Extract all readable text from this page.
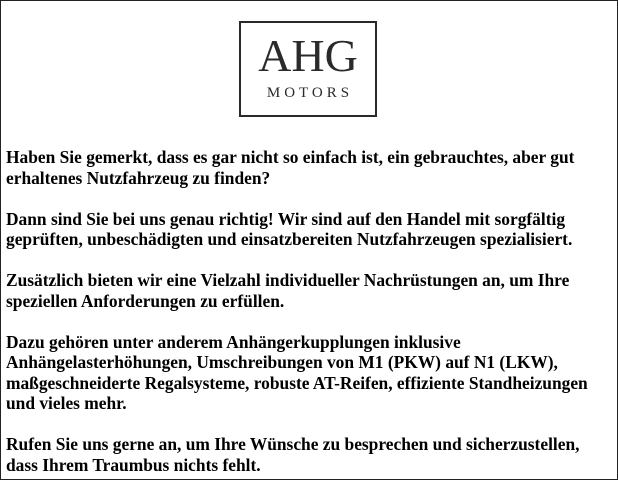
AHG
MOTORS

Haben Sie gemerkt, dass es gar nicht so einfach ist, ein gebrauchtes, aber gut
erhaltenes Nutzfahrzeug zu finden?

Dann sind Sie bei uns genau richtig! Wir sind auf den Handel mit sorgfältig
geprüften, unbeschädigten und einsatzbereiten Nutzfahrzeugen spezialisiert.

Zusätzlich bieten wir eine Vielzahl individueller Nachrüstungen an, um Ihre
speziellen Anforderungen zu erfüllen.

Dazu gehören unter anderem Anhängerkupplungen inklusive
Anhängelasterhöhungen, Umschreibungen von M1 (PKW) auf N1 (LKW),
maßgeschneiderte Regalsysteme, robuste AT-Reifen, effiziente Standheizungen
und vieles mehr.

Rufen Sie uns gerne an, um Ihre Wünsche zu besprechen und sicherzustellen,
dass Ihrem Traumbus nichts fehlt.
